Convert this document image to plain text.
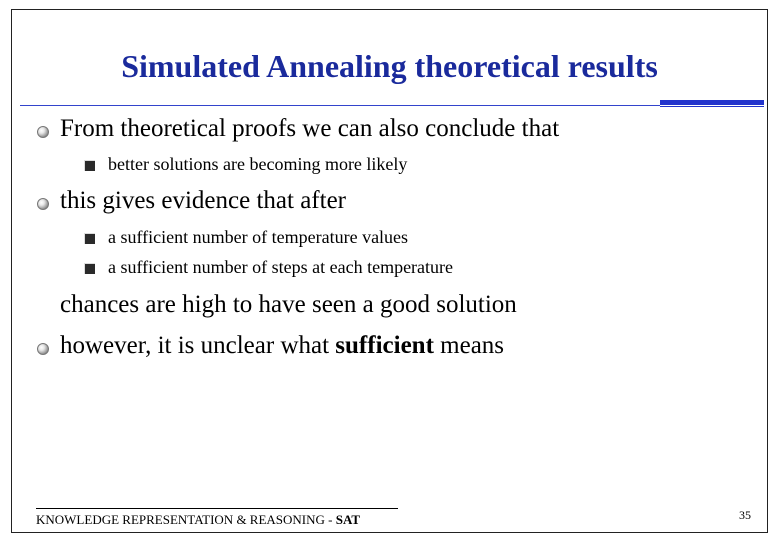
Simulated Annealing theoretical results
From theoretical proofs we can also conclude that
better solutions are becoming more likely
this gives evidence that after
a sufficient number of temperature values
a sufficient number of steps at each temperature
chances are high to have seen a good solution
however, it is unclear what sufficient means
KNOWLEDGE REPRESENTATION & REASONING - SAT	35
